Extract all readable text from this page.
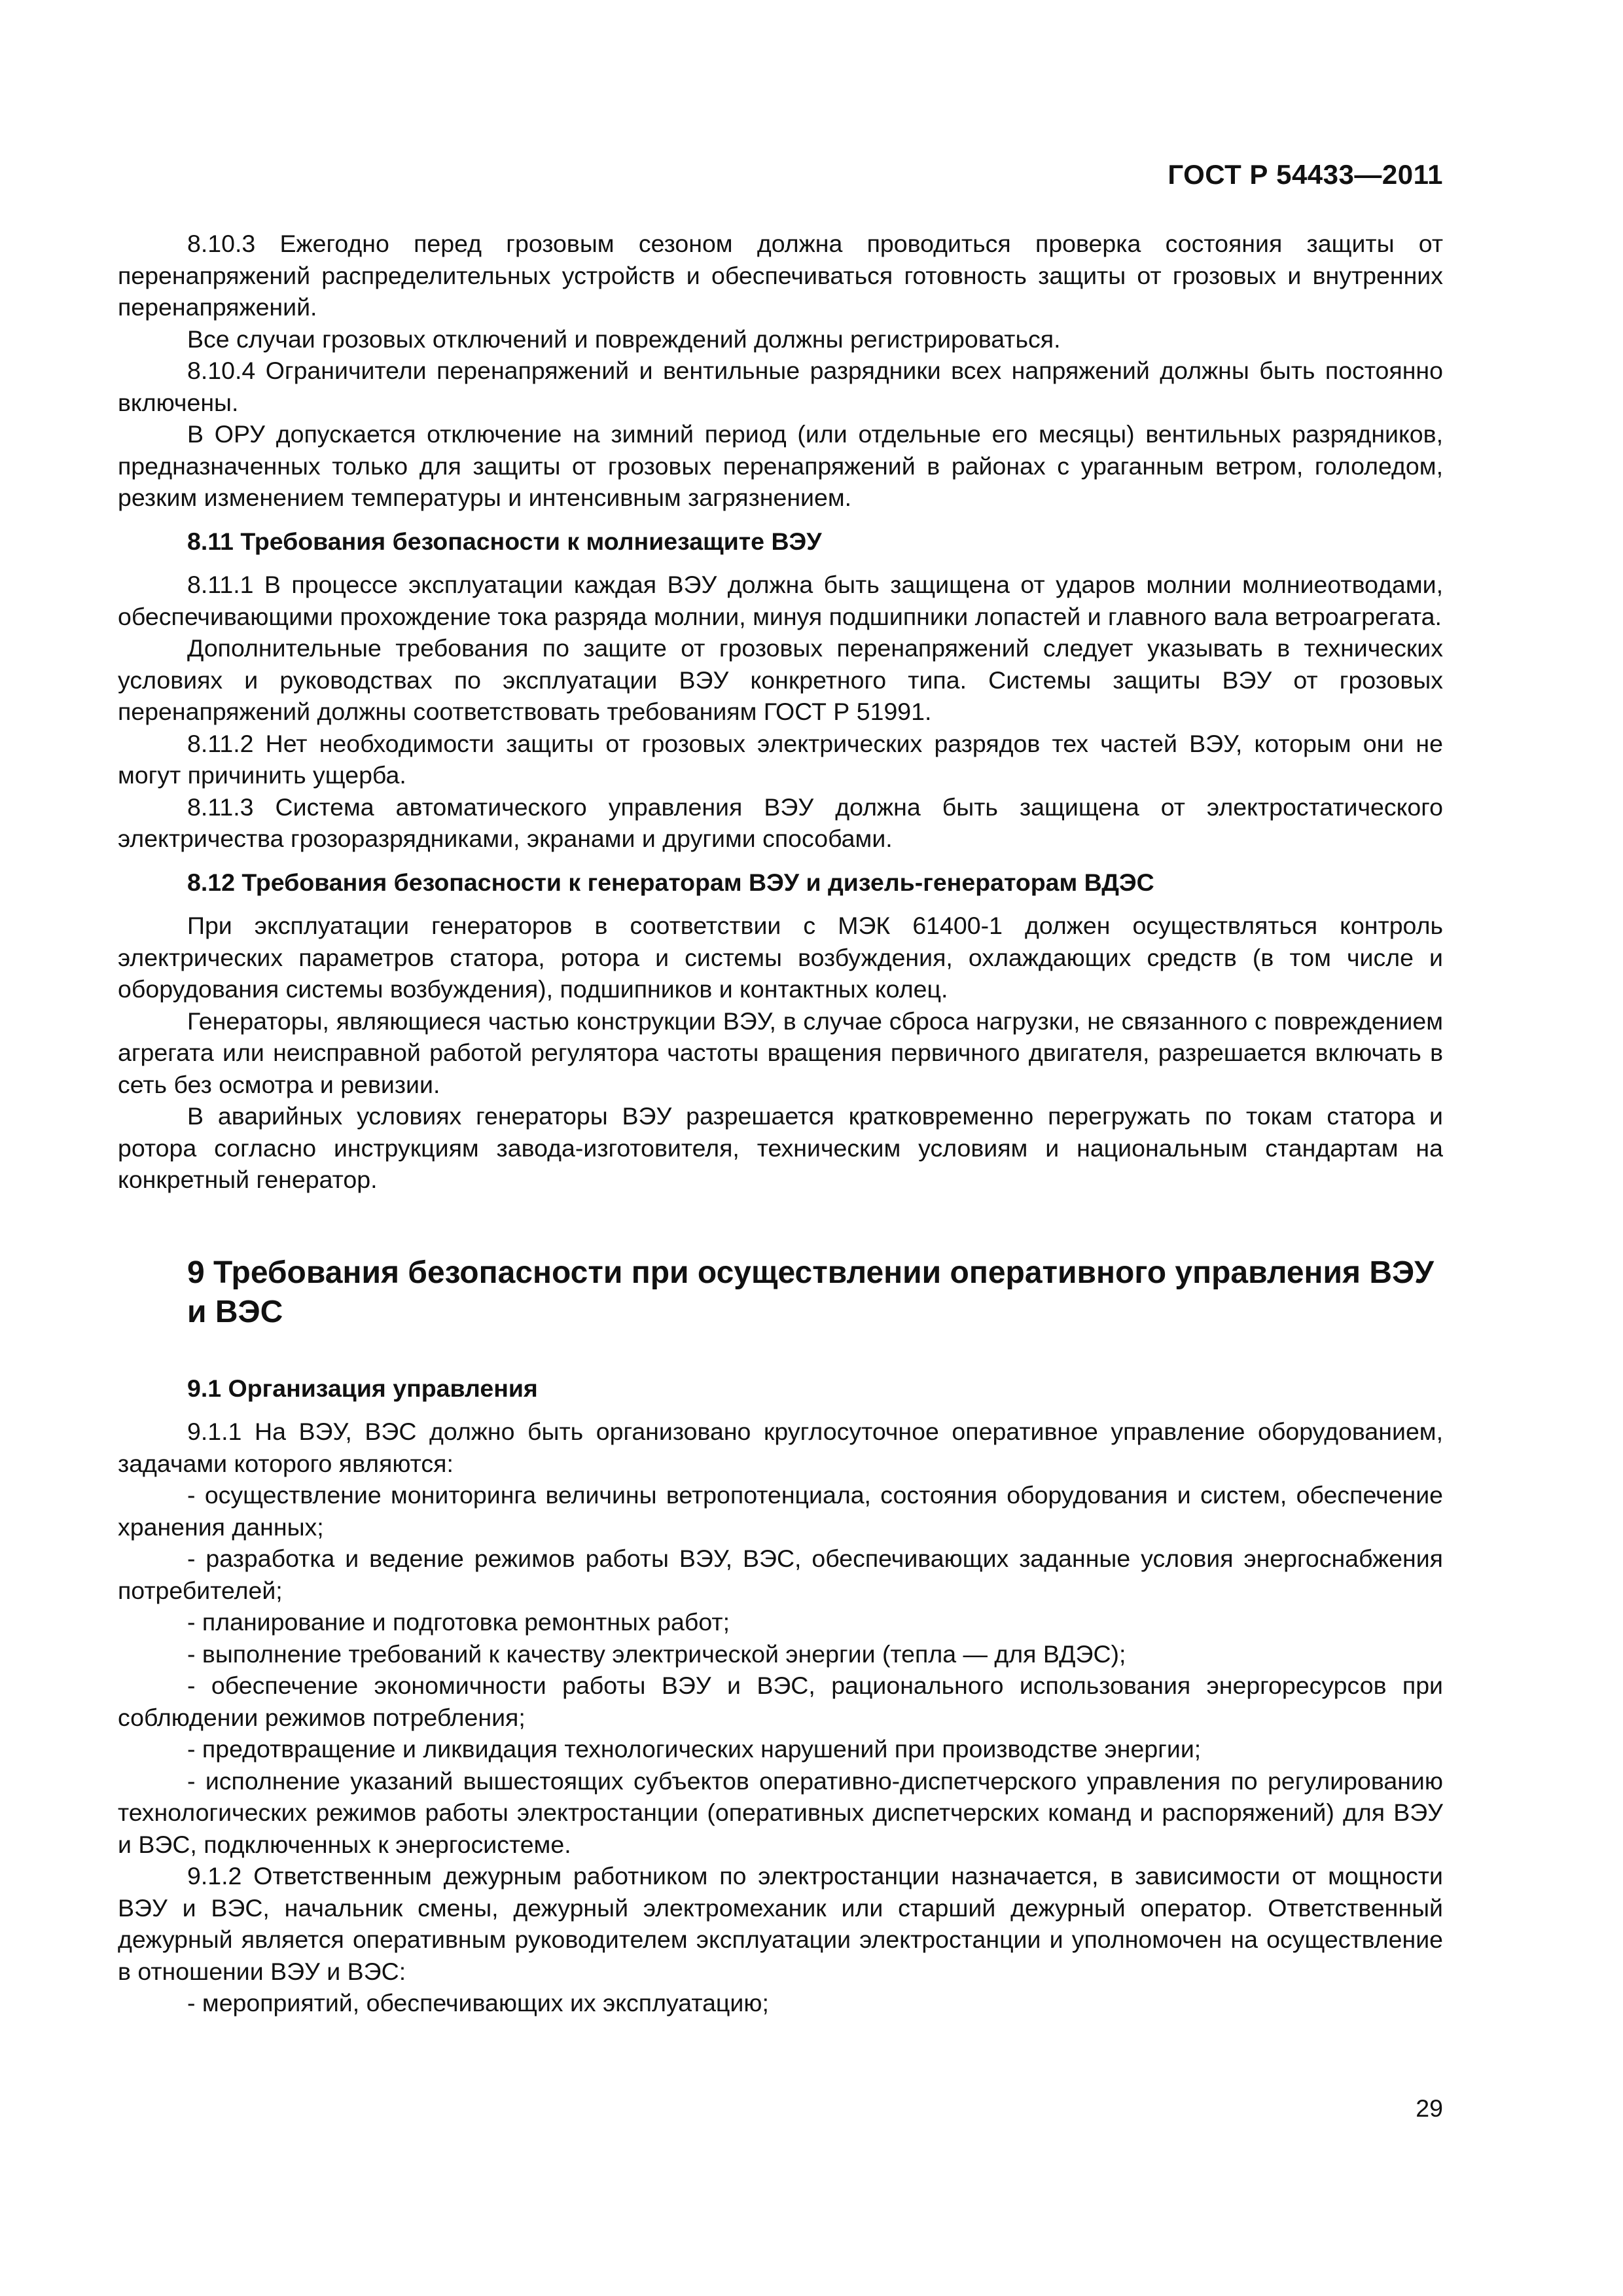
ГОСТ Р 54433—2011

8.10.3 Ежегодно перед грозовым сезоном должна проводиться проверка состояния защиты от перенапряжений распределительных устройств и обеспечиваться готовность защиты от грозовых и внутренних перенапряжений.

Все случаи грозовых отключений и повреждений должны регистрироваться.

8.10.4 Ограничители перенапряжений и вентильные разрядники всех напряжений должны быть постоянно включены.

В ОРУ допускается отключение на зимний период (или отдельные его месяцы) вентильных разрядников, предназначенных только для защиты от грозовых перенапряжений в районах с ураганным ветром, гололедом, резким изменением температуры и интенсивным загрязнением.

8.11 Требования безопасности к молниезащите ВЭУ

8.11.1 В процессе эксплуатации каждая ВЭУ должна быть защищена от ударов молнии молниеотводами, обеспечивающими прохождение тока разряда молнии, минуя подшипники лопастей и главного вала ветроагрегата.

Дополнительные требования по защите от грозовых перенапряжений следует указывать в технических условиях и руководствах по эксплуатации ВЭУ конкретного типа. Системы защиты ВЭУ от грозовых перенапряжений должны соответствовать требованиям ГОСТ Р 51991.

8.11.2 Нет необходимости защиты от грозовых электрических разрядов тех частей ВЭУ, которым они не могут причинить ущерба.

8.11.3 Система автоматического управления ВЭУ должна быть защищена от электростатического электричества грозоразрядниками, экранами и другими способами.

8.12 Требования безопасности к генераторам ВЭУ и дизель-генераторам ВДЭС

При эксплуатации генераторов в соответствии с МЭК 61400-1 должен осуществляться контроль электрических параметров статора, ротора и системы возбуждения, охлаждающих средств (в том числе и оборудования системы возбуждения), подшипников и контактных колец.

Генераторы, являющиеся частью конструкции ВЭУ, в случае сброса нагрузки, не связанного с повреждением агрегата или неисправной работой регулятора частоты вращения первичного двигателя, разрешается включать в сеть без осмотра и ревизии.

В аварийных условиях генераторы ВЭУ разрешается кратковременно перегружать по токам статора и ротора согласно инструкциям завода-изготовителя, техническим условиям и национальным стандартам на конкретный генератор.

9 Требования безопасности при осуществлении оперативного управления ВЭУ и ВЭС
9.1 Организация управления

9.1.1 На ВЭУ, ВЭС должно быть организовано круглосуточное оперативное управление оборудованием, задачами которого являются:

- осуществление мониторинга величины ветропотенциала, состояния оборудования и систем, обеспечение хранения данных;

- разработка и ведение режимов работы ВЭУ, ВЭС, обеспечивающих заданные условия энергоснабжения потребителей;

- планирование и подготовка ремонтных работ;

- выполнение требований к качеству электрической энергии (тепла — для ВДЭС);

- обеспечение экономичности работы ВЭУ и ВЭС, рационального использования энергоресурсов при соблюдении режимов потребления;

- предотвращение и ликвидация технологических нарушений при производстве энергии;

- исполнение указаний вышестоящих субъектов оперативно-диспетчерского управления по регулированию технологических режимов работы электростанции (оперативных диспетчерских команд и распоряжений) для ВЭУ и ВЭС, подключенных к энергосистеме.

9.1.2 Ответственным дежурным работником по электростанции назначается, в зависимости от мощности ВЭУ и ВЭС, начальник смены, дежурный электромеханик или старший дежурный оператор. Ответственный дежурный является оперативным руководителем эксплуатации электростанции и уполномочен на осуществление в отношении ВЭУ и ВЭС:

- мероприятий, обеспечивающих их эксплуатацию;

29
